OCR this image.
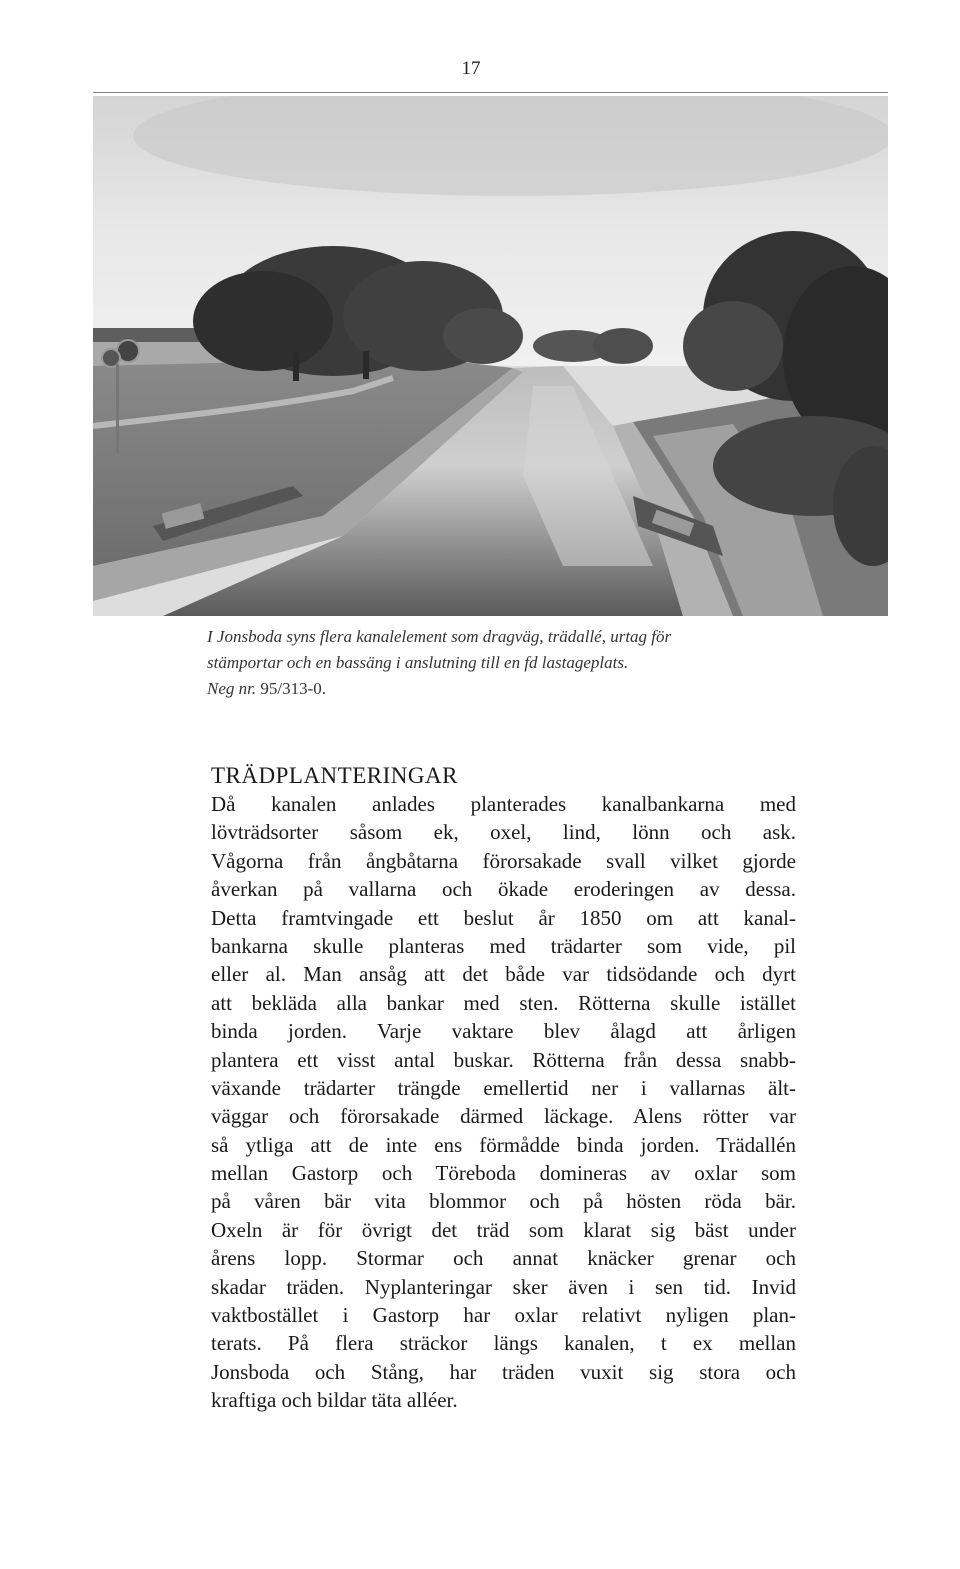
17
I Jonsboda syns flera kanalelement som dragväg, trädallé, urtag för
stämportar och en bassäng i anslutning till en fd lastageplats.
Neg nr. 95/313-0.
TRÄDPLANTERINGAR
Då kanalen anlades planterades kanalbankarna med
lövträdsorter såsom ek, oxel, lind, lönn och ask.
Vågorna från ångbåtarna förorsakade svall vilket gjorde
åverkan på vallarna och ökade eroderingen av dessa.
Detta framtvingade ett beslut år 1850 om att kanal-
bankarna skulle planteras med trädarter som vide, pil
eller al. Man ansåg att det både var tidsödande och dyrt
att bekläda alla bankar med sten. Rötterna skulle istället
binda jorden. Varje vaktare blev ålagd att årligen
plantera ett visst antal buskar. Rötterna från dessa snabb-
växande trädarter trängde emellertid ner i vallarnas ält-
väggar och förorsakade därmed läckage. Alens rötter var
så ytliga att de inte ens förmådde binda jorden. Trädallén
mellan Gastorp och Töreboda domineras av oxlar som
på våren bär vita blommor och på hösten röda bär.
Oxeln är för övrigt det träd som klarat sig bäst under
årens lopp. Stormar och annat knäcker grenar och
skadar träden. Nyplanteringar sker även i sen tid. Invid
vaktbostället i Gastorp har oxlar relativt nyligen plan-
terats. På flera sträckor längs kanalen, t ex mellan
Jonsboda och Stång, har träden vuxit sig stora och
kraftiga och bildar täta alléer.
